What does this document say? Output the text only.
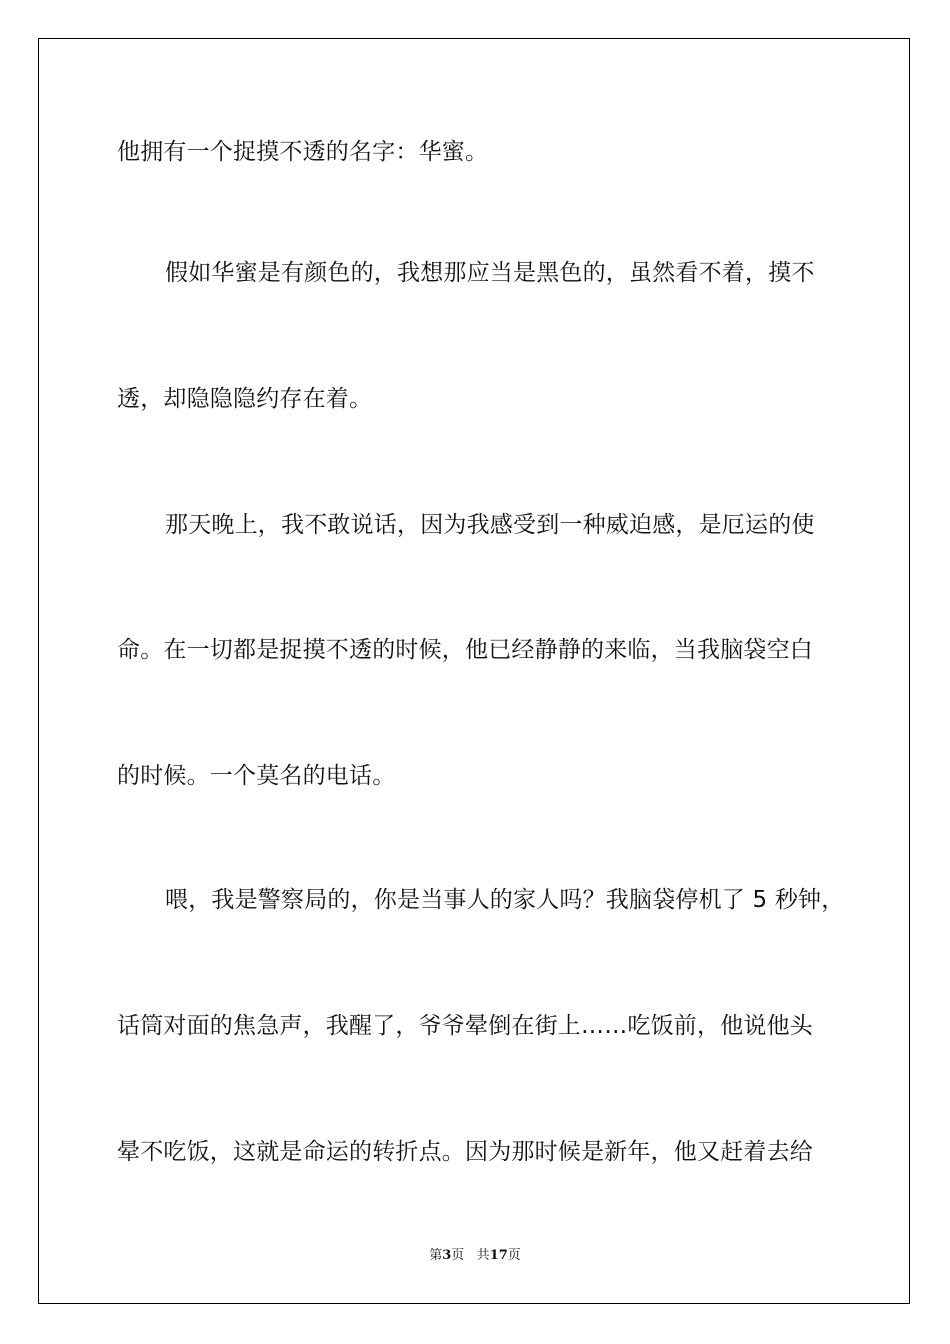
他拥有一个捉摸不透的名字：华蜜。
假如华蜜是有颜色的，我想那应当是黑色的，虽然看不着，摸不
透，却隐隐隐约存在着。
那天晚上，我不敢说话，因为我感受到一种威迫感，是厄运的使
命。在一切都是捉摸不透的时候，他已经静静的来临，当我脑袋空白
的时候。一个莫名的电话。
喂，我是警察局的，你是当事人的家人吗？我脑袋停机了 5 秒钟，
话筒对面的焦急声，我醒了，爷爷晕倒在街上……吃饭前，他说他头
晕不吃饭，这就是命运的转折点。因为那时候是新年，他又赶着去给
第3页 共17页
